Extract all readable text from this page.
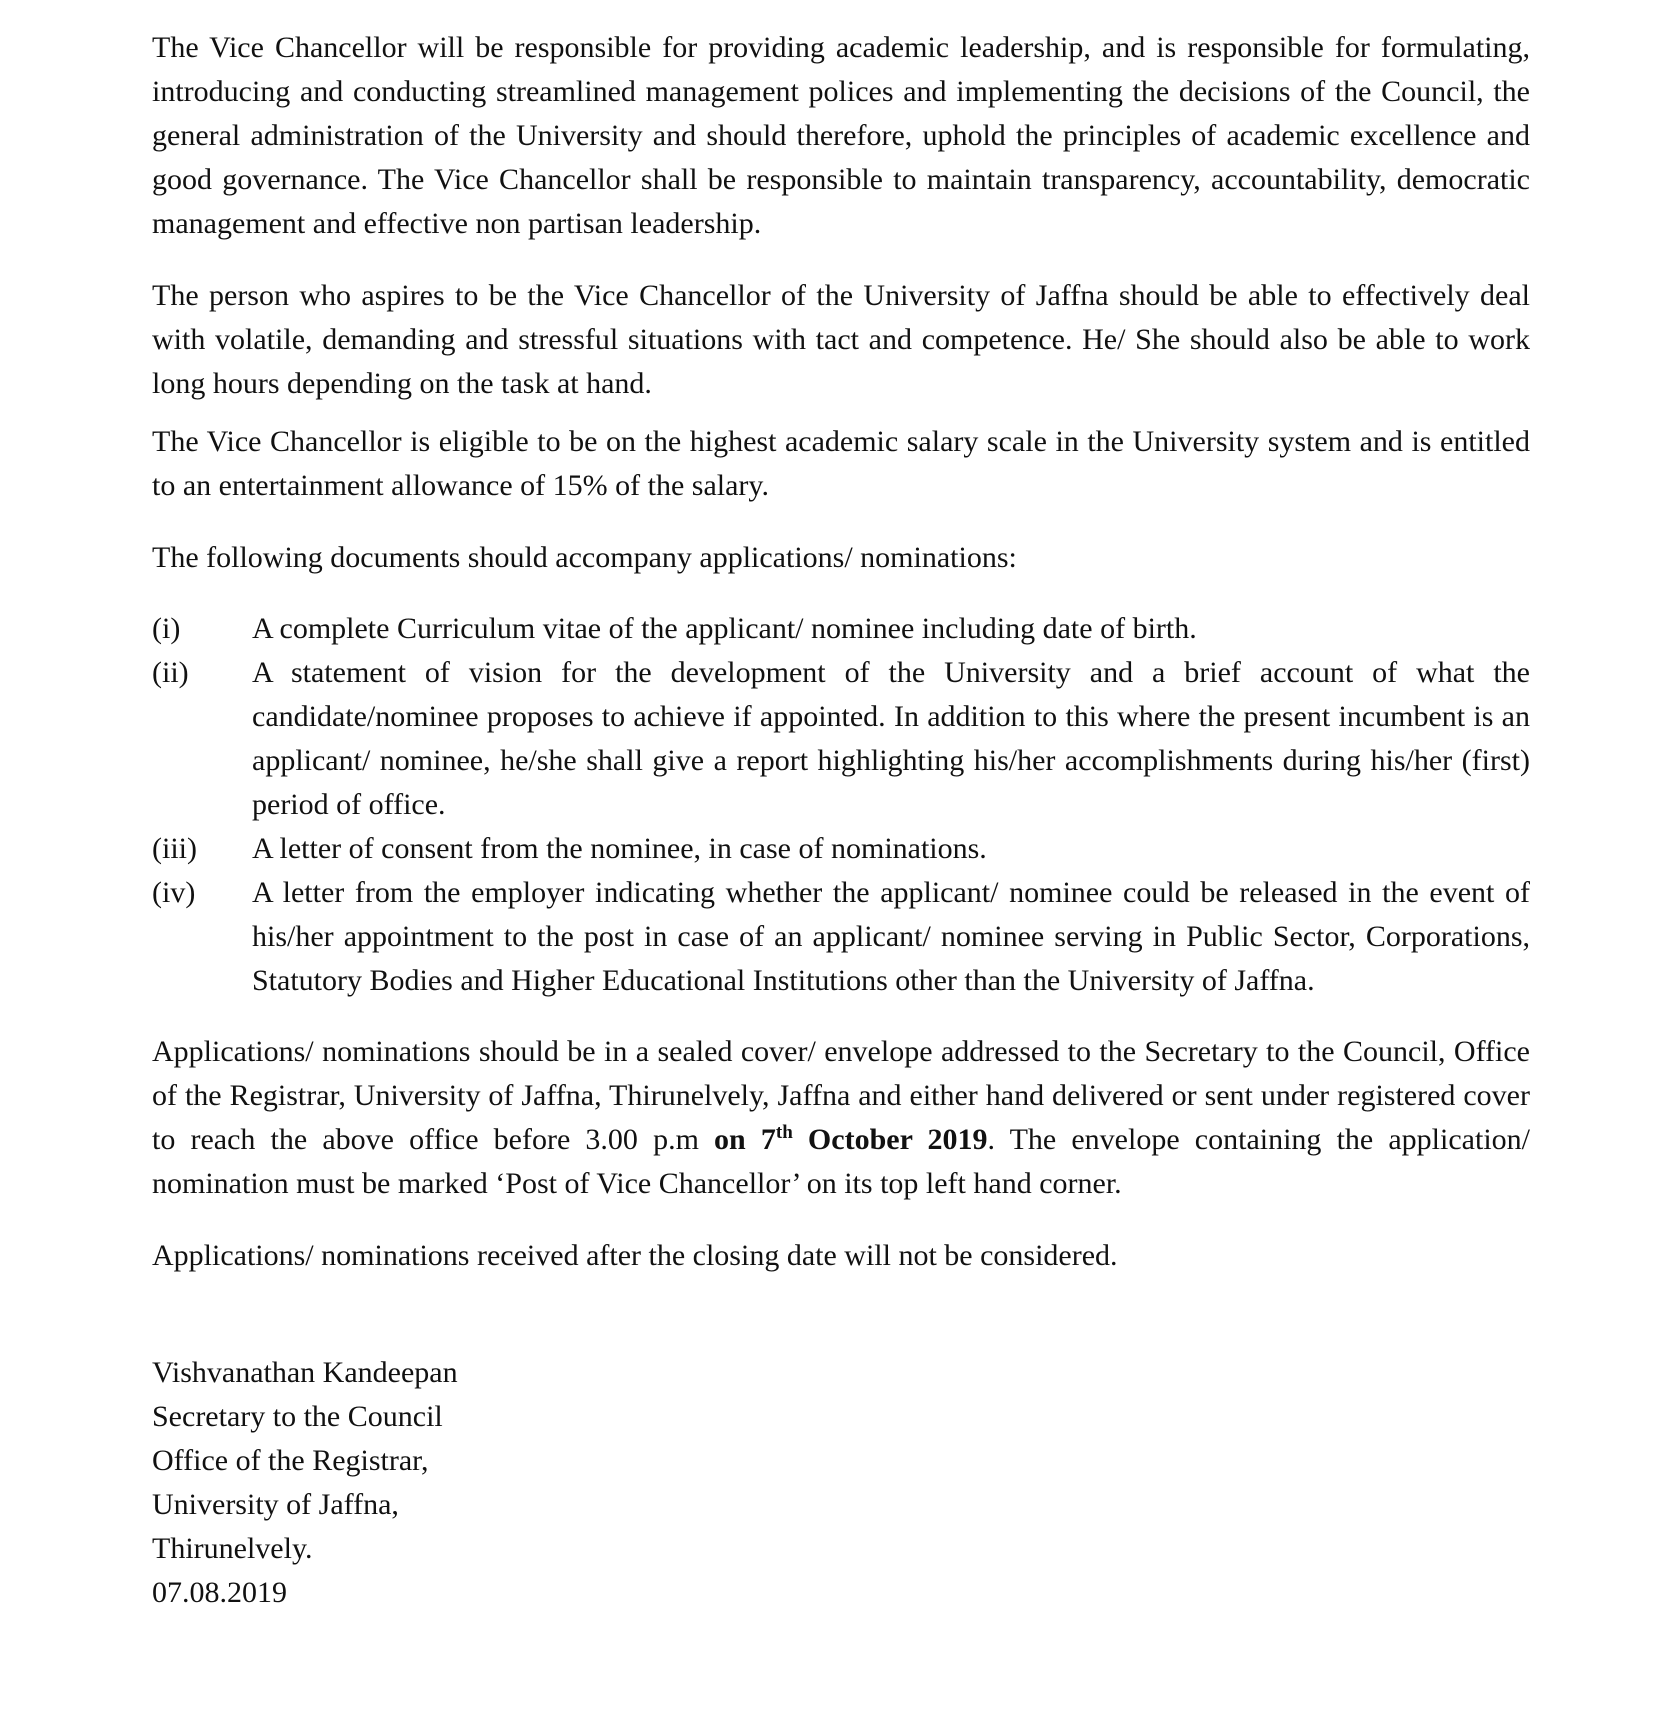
The Vice Chancellor will be responsible for providing academic leadership, and is responsible for formulating, introducing and conducting streamlined management polices and implementing the decisions of the Council, the general administration of the University and should therefore, uphold the principles of academic excellence and good governance. The Vice Chancellor shall be responsible to maintain transparency, accountability, democratic management and effective non partisan leadership.

The person who aspires to be the Vice Chancellor of the University of Jaffna should be able to effectively deal with volatile, demanding and stressful situations with tact and competence. He/ She should also be able to work long hours depending on the task at hand.

The Vice Chancellor is eligible to be on the highest academic salary scale in the University system and is entitled to an entertainment allowance of 15% of the salary.

The following documents should accompany applications/ nominations:

(i)	A complete Curriculum vitae of the applicant/ nominee including date of birth.
(ii)	A statement of vision for the development of the University and a brief account of what the candidate/nominee proposes to achieve if appointed. In addition to this where the present incumbent is an applicant/ nominee, he/she shall give a report highlighting his/her accomplishments during his/her (first) period of office.
(iii)	A letter of consent from the nominee, in case of nominations.
(iv)	A letter from the employer indicating whether the applicant/ nominee could be released in the event of his/her appointment to the post in case of an applicant/ nominee serving in Public Sector, Corporations, Statutory Bodies and Higher Educational Institutions other than the University of Jaffna.

Applications/ nominations should be in a sealed cover/ envelope addressed to the Secretary to the Council, Office of the Registrar, University of Jaffna, Thirunelvely, Jaffna and either hand delivered or sent under registered cover to reach the above office before 3.00 p.m on 7th October 2019. The envelope containing the application/ nomination must be marked ‘Post of Vice Chancellor’ on its top left hand corner.

Applications/ nominations received after the closing date will not be considered.

Vishvanathan Kandeepan
Secretary to the Council
Office of the Registrar,
University of Jaffna,
Thirunelvely.
07.08.2019
